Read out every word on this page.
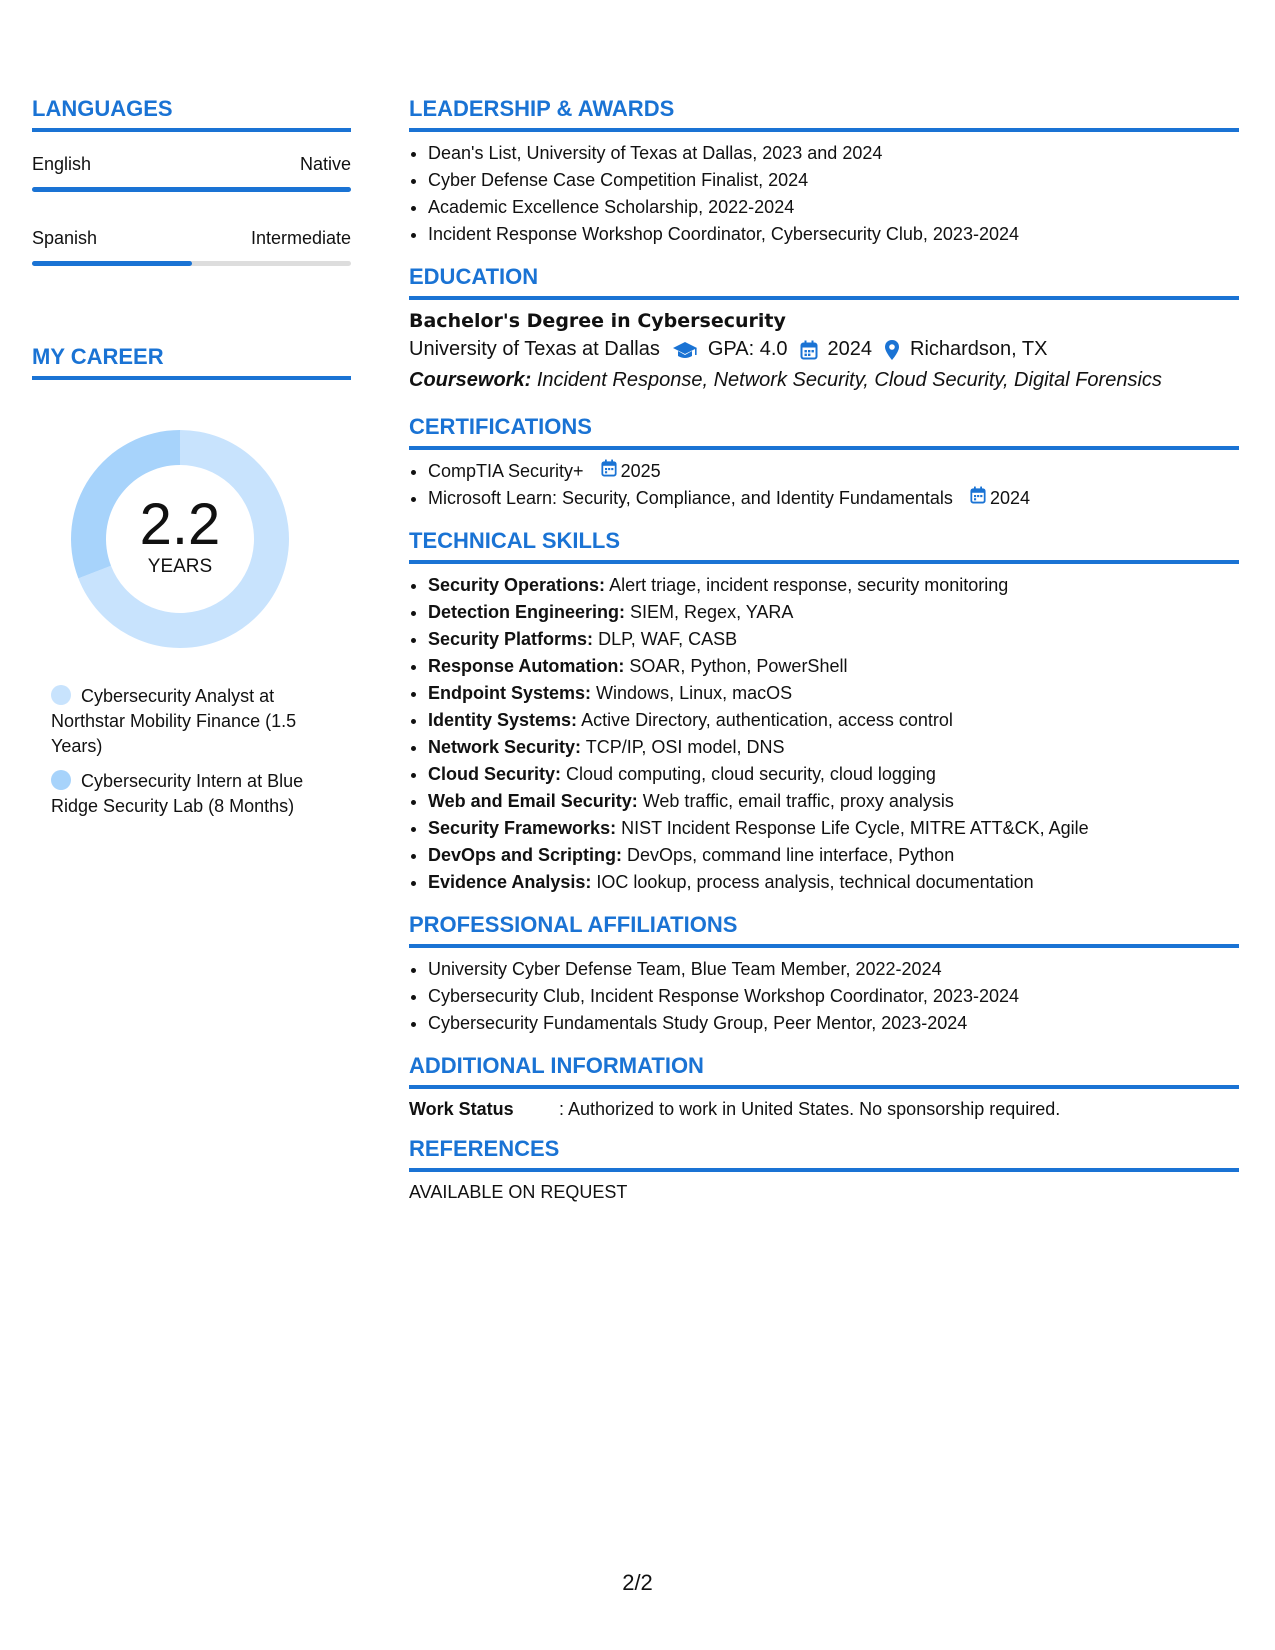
LANGUAGES
English	Native
Spanish	Intermediate
MY CAREER
2.2
YEARS
Cybersecurity Analyst at Northstar Mobility Finance (1.5 Years)
Cybersecurity Intern at Blue Ridge Security Lab (8 Months)
LEADERSHIP & AWARDS
• Dean's List, University of Texas at Dallas, 2023 and 2024
• Cyber Defense Case Competition Finalist, 2024
• Academic Excellence Scholarship, 2022-2024
• Incident Response Workshop Coordinator, Cybersecurity Club, 2023-2024
EDUCATION
Bachelor's Degree in Cybersecurity
University of Texas at Dallas GPA: 4.0 2024 Richardson, TX
Coursework: Incident Response, Network Security, Cloud Security, Digital Forensics
CERTIFICATIONS
• CompTIA Security+ 2025
• Microsoft Learn: Security, Compliance, and Identity Fundamentals 2024
TECHNICAL SKILLS
• Security Operations: Alert triage, incident response, security monitoring
• Detection Engineering: SIEM, Regex, YARA
• Security Platforms: DLP, WAF, CASB
• Response Automation: SOAR, Python, PowerShell
• Endpoint Systems: Windows, Linux, macOS
• Identity Systems: Active Directory, authentication, access control
• Network Security: TCP/IP, OSI model, DNS
• Cloud Security: Cloud computing, cloud security, cloud logging
• Web and Email Security: Web traffic, email traffic, proxy analysis
• Security Frameworks: NIST Incident Response Life Cycle, MITRE ATT&CK, Agile
• DevOps and Scripting: DevOps, command line interface, Python
• Evidence Analysis: IOC lookup, process analysis, technical documentation
PROFESSIONAL AFFILIATIONS
• University Cyber Defense Team, Blue Team Member, 2022-2024
• Cybersecurity Club, Incident Response Workshop Coordinator, 2023-2024
• Cybersecurity Fundamentals Study Group, Peer Mentor, 2023-2024
ADDITIONAL INFORMATION
Work Status	: Authorized to work in United States. No sponsorship required.
REFERENCES
AVAILABLE ON REQUEST
2/2
